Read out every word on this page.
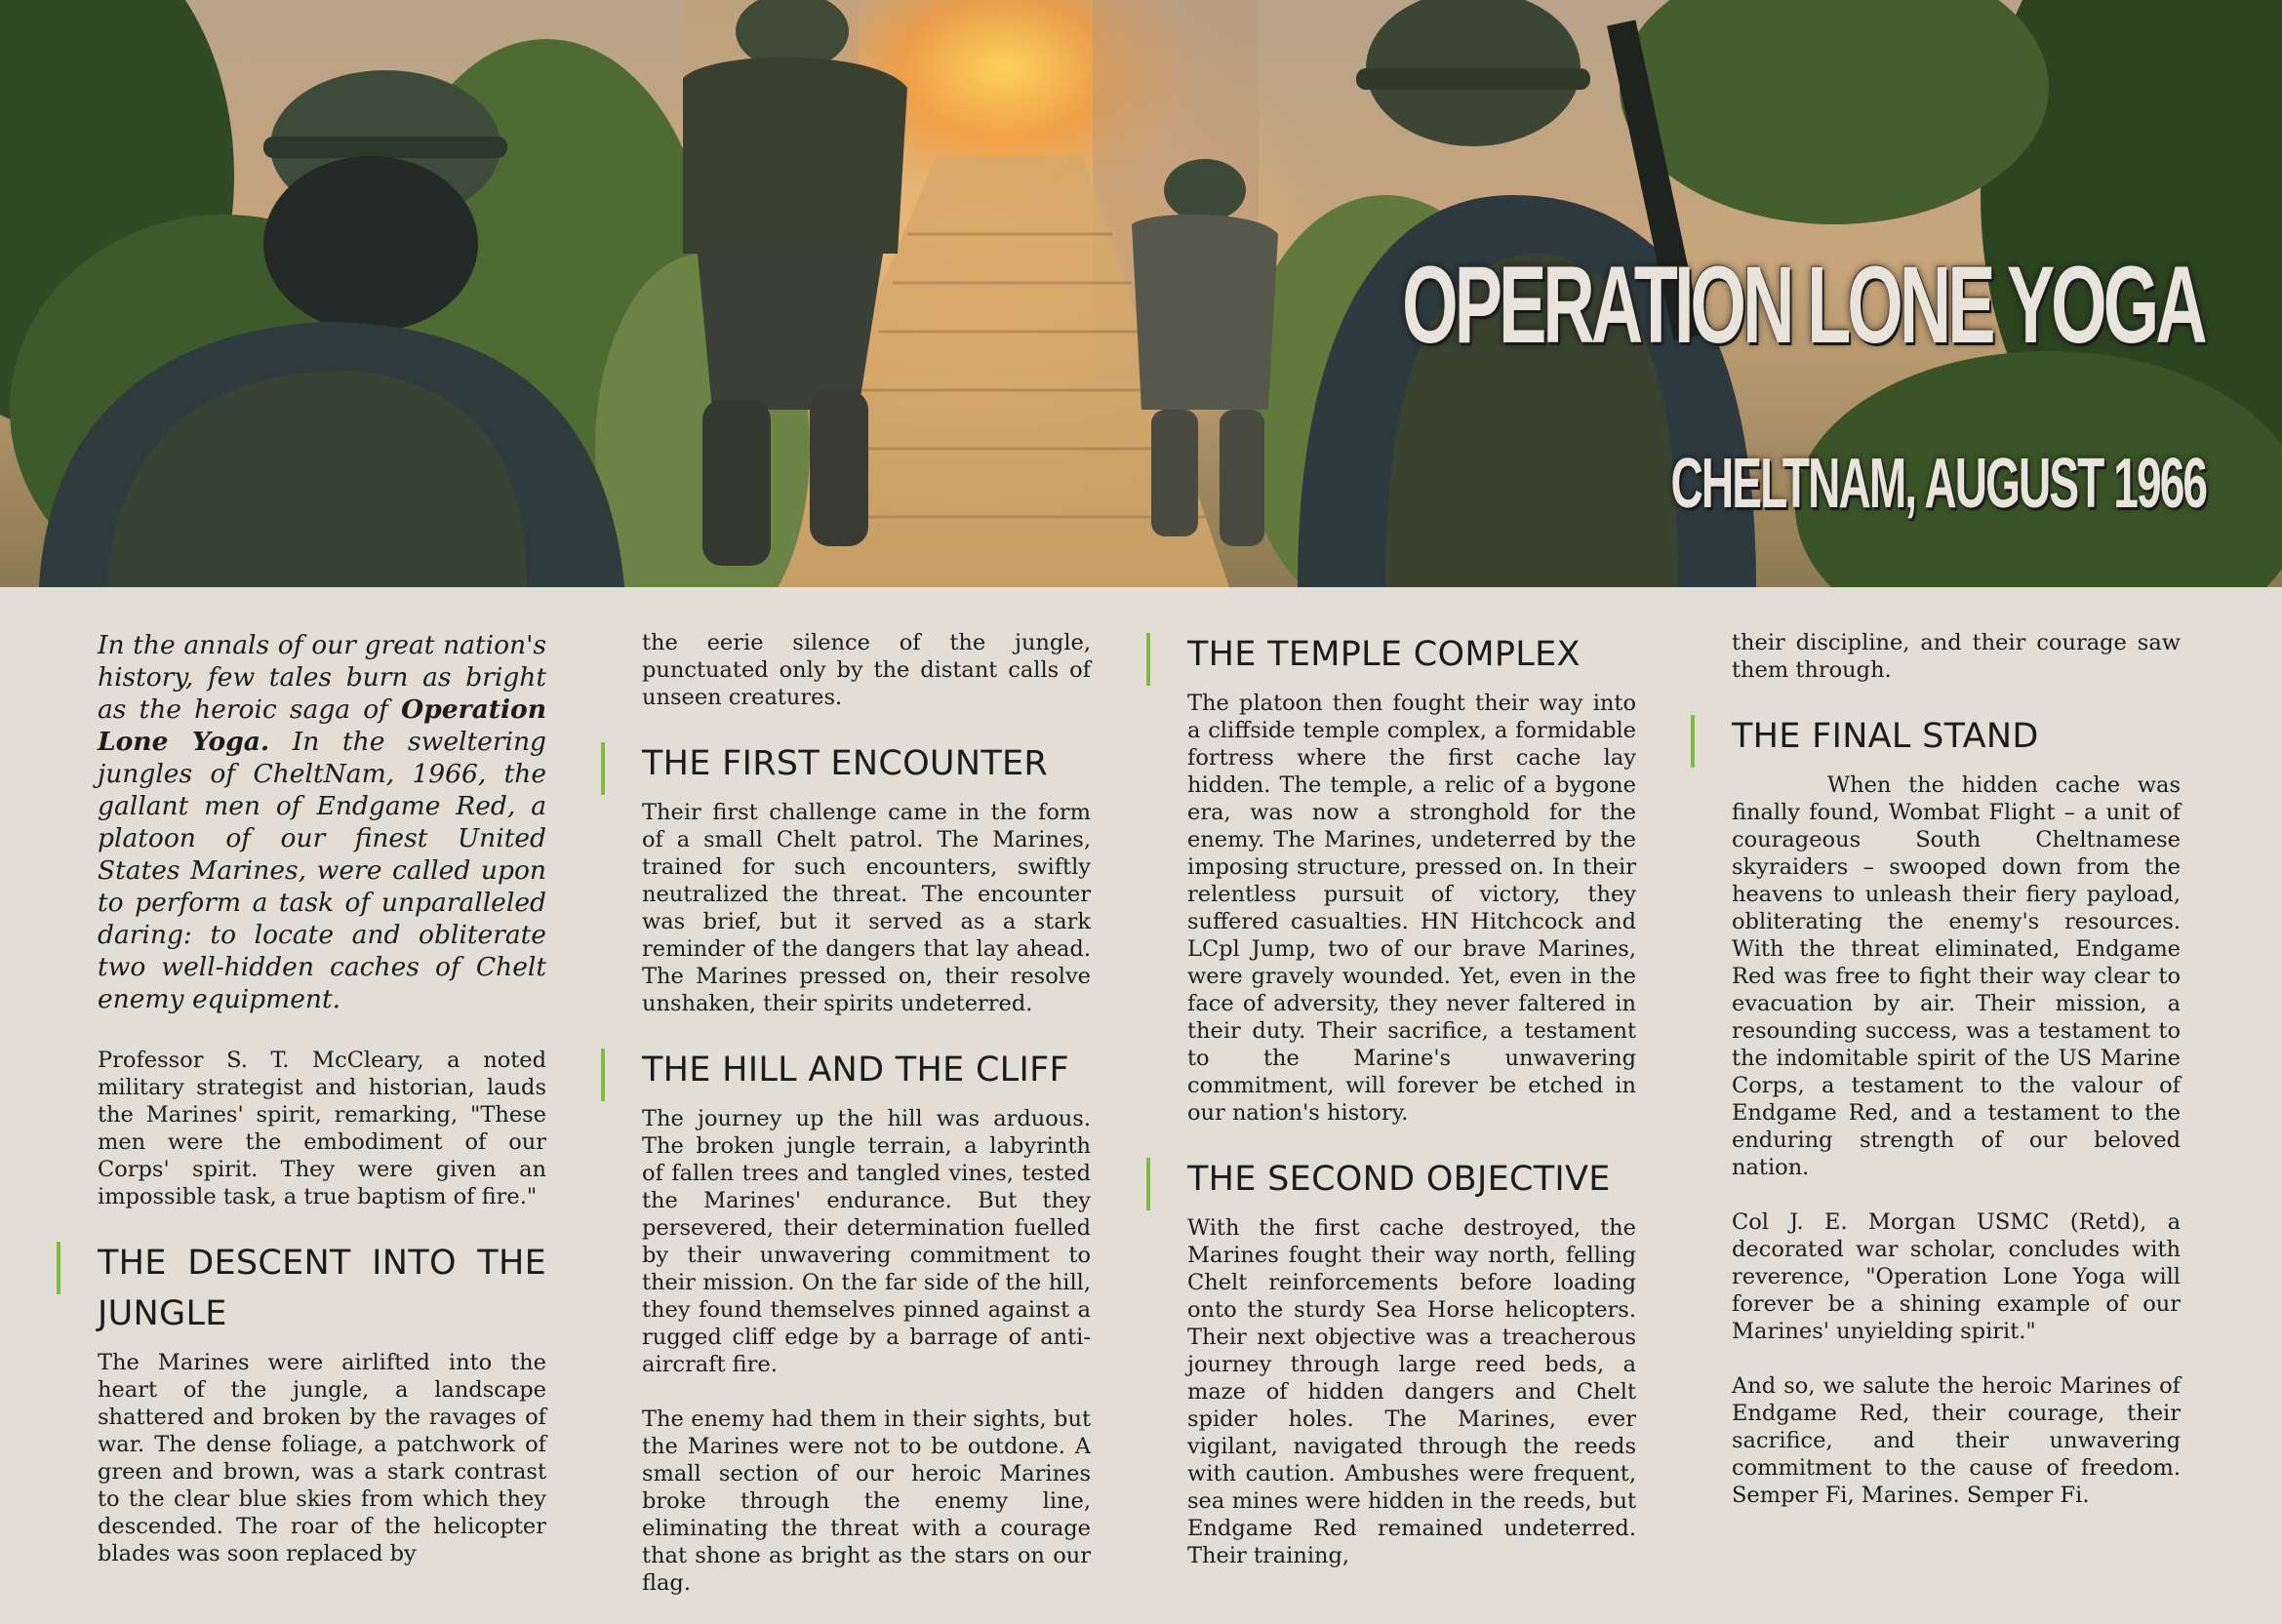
OPERATION LONE YOGA
CHELTNAM, AUGUST 1966

In the annals of our great nation's history, few tales burn as bright as the heroic saga of Operation Lone Yoga. In the sweltering jungles of CheltNam, 1966, the gallant men of Endgame Red, a platoon of our finest United States Marines, were called upon to perform a task of unparalleled daring: to locate and obliterate two well-hidden caches of Chelt enemy equipment.

Professor S. T. McCleary, a noted military strategist and historian, lauds the Marines' spirit, remarking, "These men were the embodiment of our Corps' spirit. They were given an impossible task, a true baptism of fire."

THE DESCENT INTO THE JUNGLE

The Marines were airlifted into the heart of the jungle, a landscape shattered and broken by the ravages of war. The dense foliage, a patchwork of green and brown, was a stark contrast to the clear blue skies from which they descended. The roar of the helicopter blades was soon replaced by

the eerie silence of the jungle, punctuated only by the distant calls of unseen creatures.

THE FIRST ENCOUNTER

Their first challenge came in the form of a small Chelt patrol. The Marines, trained for such encounters, swiftly neutralized the threat. The encounter was brief, but it served as a stark reminder of the dangers that lay ahead. The Marines pressed on, their resolve unshaken, their spirits undeterred.

THE HILL AND THE CLIFF

The journey up the hill was arduous. The broken jungle terrain, a labyrinth of fallen trees and tangled vines, tested the Marines' endurance. But they persevered, their determination fuelled by their unwavering commitment to their mission. On the far side of the hill, they found themselves pinned against a rugged cliff edge by a barrage of anti-aircraft fire.

The enemy had them in their sights, but the Marines were not to be outdone. A small section of our heroic Marines broke through the enemy line, eliminating the threat with a courage that shone as bright as the stars on our flag.

THE TEMPLE COMPLEX

The platoon then fought their way into a cliffside temple complex, a formidable fortress where the first cache lay hidden. The temple, a relic of a bygone era, was now a stronghold for the enemy. The Marines, undeterred by the imposing structure, pressed on. In their relentless pursuit of victory, they suffered casualties. HN Hitchcock and LCpl Jump, two of our brave Marines, were gravely wounded. Yet, even in the face of adversity, they never faltered in their duty. Their sacrifice, a testament to the Marine's unwavering commitment, will forever be etched in our nation's history.

THE SECOND OBJECTIVE

With the first cache destroyed, the Marines fought their way north, felling Chelt reinforcements before loading onto the sturdy Sea Horse helicopters. Their next objective was a treacherous journey through large reed beds, a maze of hidden dangers and Chelt spider holes. The Marines, ever vigilant, navigated through the reeds with caution. Ambushes were frequent, sea mines were hidden in the reeds, but Endgame Red remained undeterred. Their training,

their discipline, and their courage saw them through.

THE FINAL STAND

When the hidden cache was finally found, Wombat Flight – a unit of courageous South Cheltnamese skyraiders – swooped down from the heavens to unleash their fiery payload, obliterating the enemy's resources. With the threat eliminated, Endgame Red was free to fight their way clear to evacuation by air. Their mission, a resounding success, was a testament to the indomitable spirit of the US Marine Corps, a testament to the valour of Endgame Red, and a testament to the enduring strength of our beloved nation.

Col J. E. Morgan USMC (Retd), a decorated war scholar, concludes with reverence, "Operation Lone Yoga will forever be a shining example of our Marines' unyielding spirit."

And so, we salute the heroic Marines of Endgame Red, their courage, their sacrifice, and their unwavering commitment to the cause of freedom. Semper Fi, Marines. Semper Fi.
